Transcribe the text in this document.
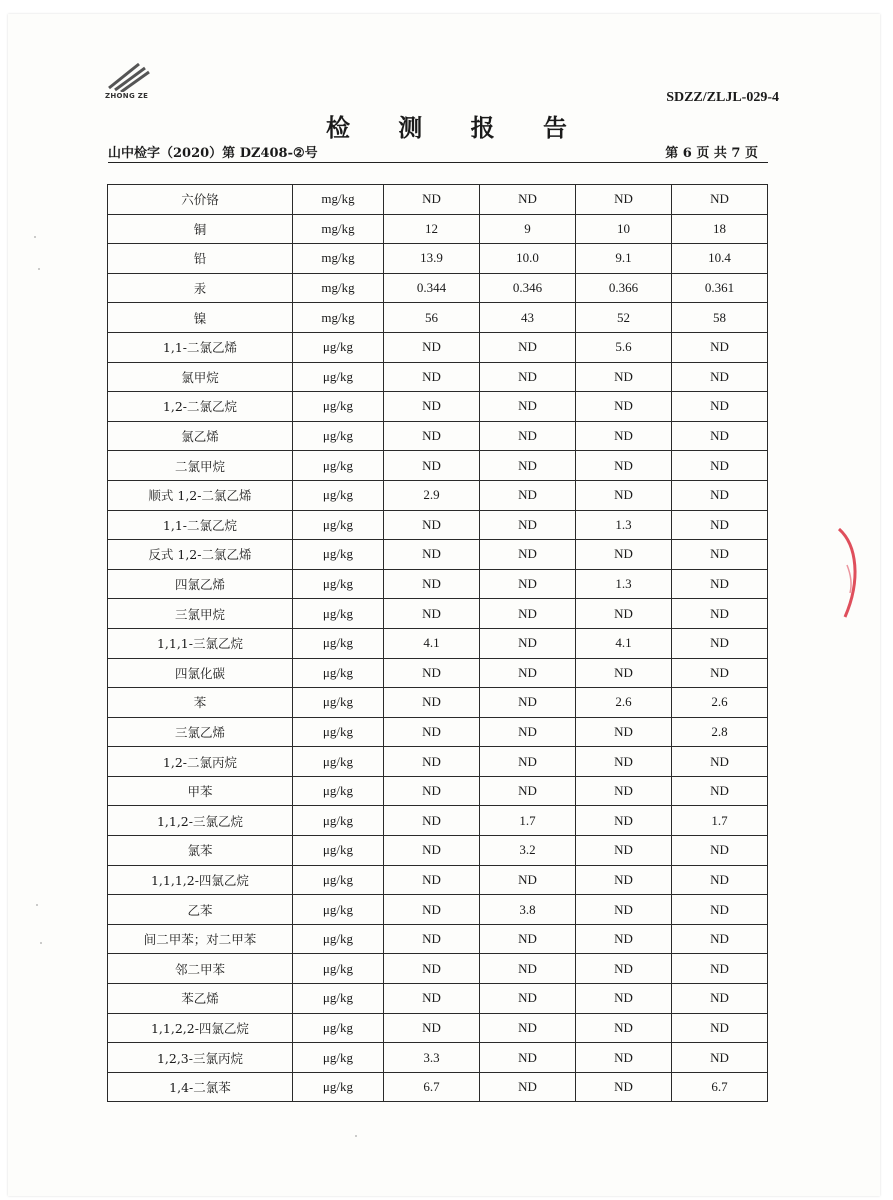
ZHONG ZE	SDZZ/ZLJL-029-4
检 测 报 告
山中检字（2020）第 DZ408-②号	第 6 页 共 7 页
六价铬	mg/kg	ND	ND	ND	ND
铜	mg/kg	12	9	10	18
铅	mg/kg	13.9	10.0	9.1	10.4
汞	mg/kg	0.344	0.346	0.366	0.361
镍	mg/kg	56	43	52	58
1,1-二氯乙烯	μg/kg	ND	ND	5.6	ND
氯甲烷	μg/kg	ND	ND	ND	ND
1,2-二氯乙烷	μg/kg	ND	ND	ND	ND
氯乙烯	μg/kg	ND	ND	ND	ND
二氯甲烷	μg/kg	ND	ND	ND	ND
顺式 1,2-二氯乙烯	μg/kg	2.9	ND	ND	ND
1,1-二氯乙烷	μg/kg	ND	ND	1.3	ND
反式 1,2-二氯乙烯	μg/kg	ND	ND	ND	ND
四氯乙烯	μg/kg	ND	ND	1.3	ND
三氯甲烷	μg/kg	ND	ND	ND	ND
1,1,1-三氯乙烷	μg/kg	4.1	ND	4.1	ND
四氯化碳	μg/kg	ND	ND	ND	ND
苯	μg/kg	ND	ND	2.6	2.6
三氯乙烯	μg/kg	ND	ND	ND	2.8
1,2-二氯丙烷	μg/kg	ND	ND	ND	ND
甲苯	μg/kg	ND	ND	ND	ND
1,1,2-三氯乙烷	μg/kg	ND	1.7	ND	1.7
氯苯	μg/kg	ND	3.2	ND	ND
1,1,1,2-四氯乙烷	μg/kg	ND	ND	ND	ND
乙苯	μg/kg	ND	3.8	ND	ND
间二甲苯；对二甲苯	μg/kg	ND	ND	ND	ND
邻二甲苯	μg/kg	ND	ND	ND	ND
苯乙烯	μg/kg	ND	ND	ND	ND
1,1,2,2-四氯乙烷	μg/kg	ND	ND	ND	ND
1,2,3-三氯丙烷	μg/kg	3.3	ND	ND	ND
1,4-二氯苯	μg/kg	6.7	ND	ND	6.7
